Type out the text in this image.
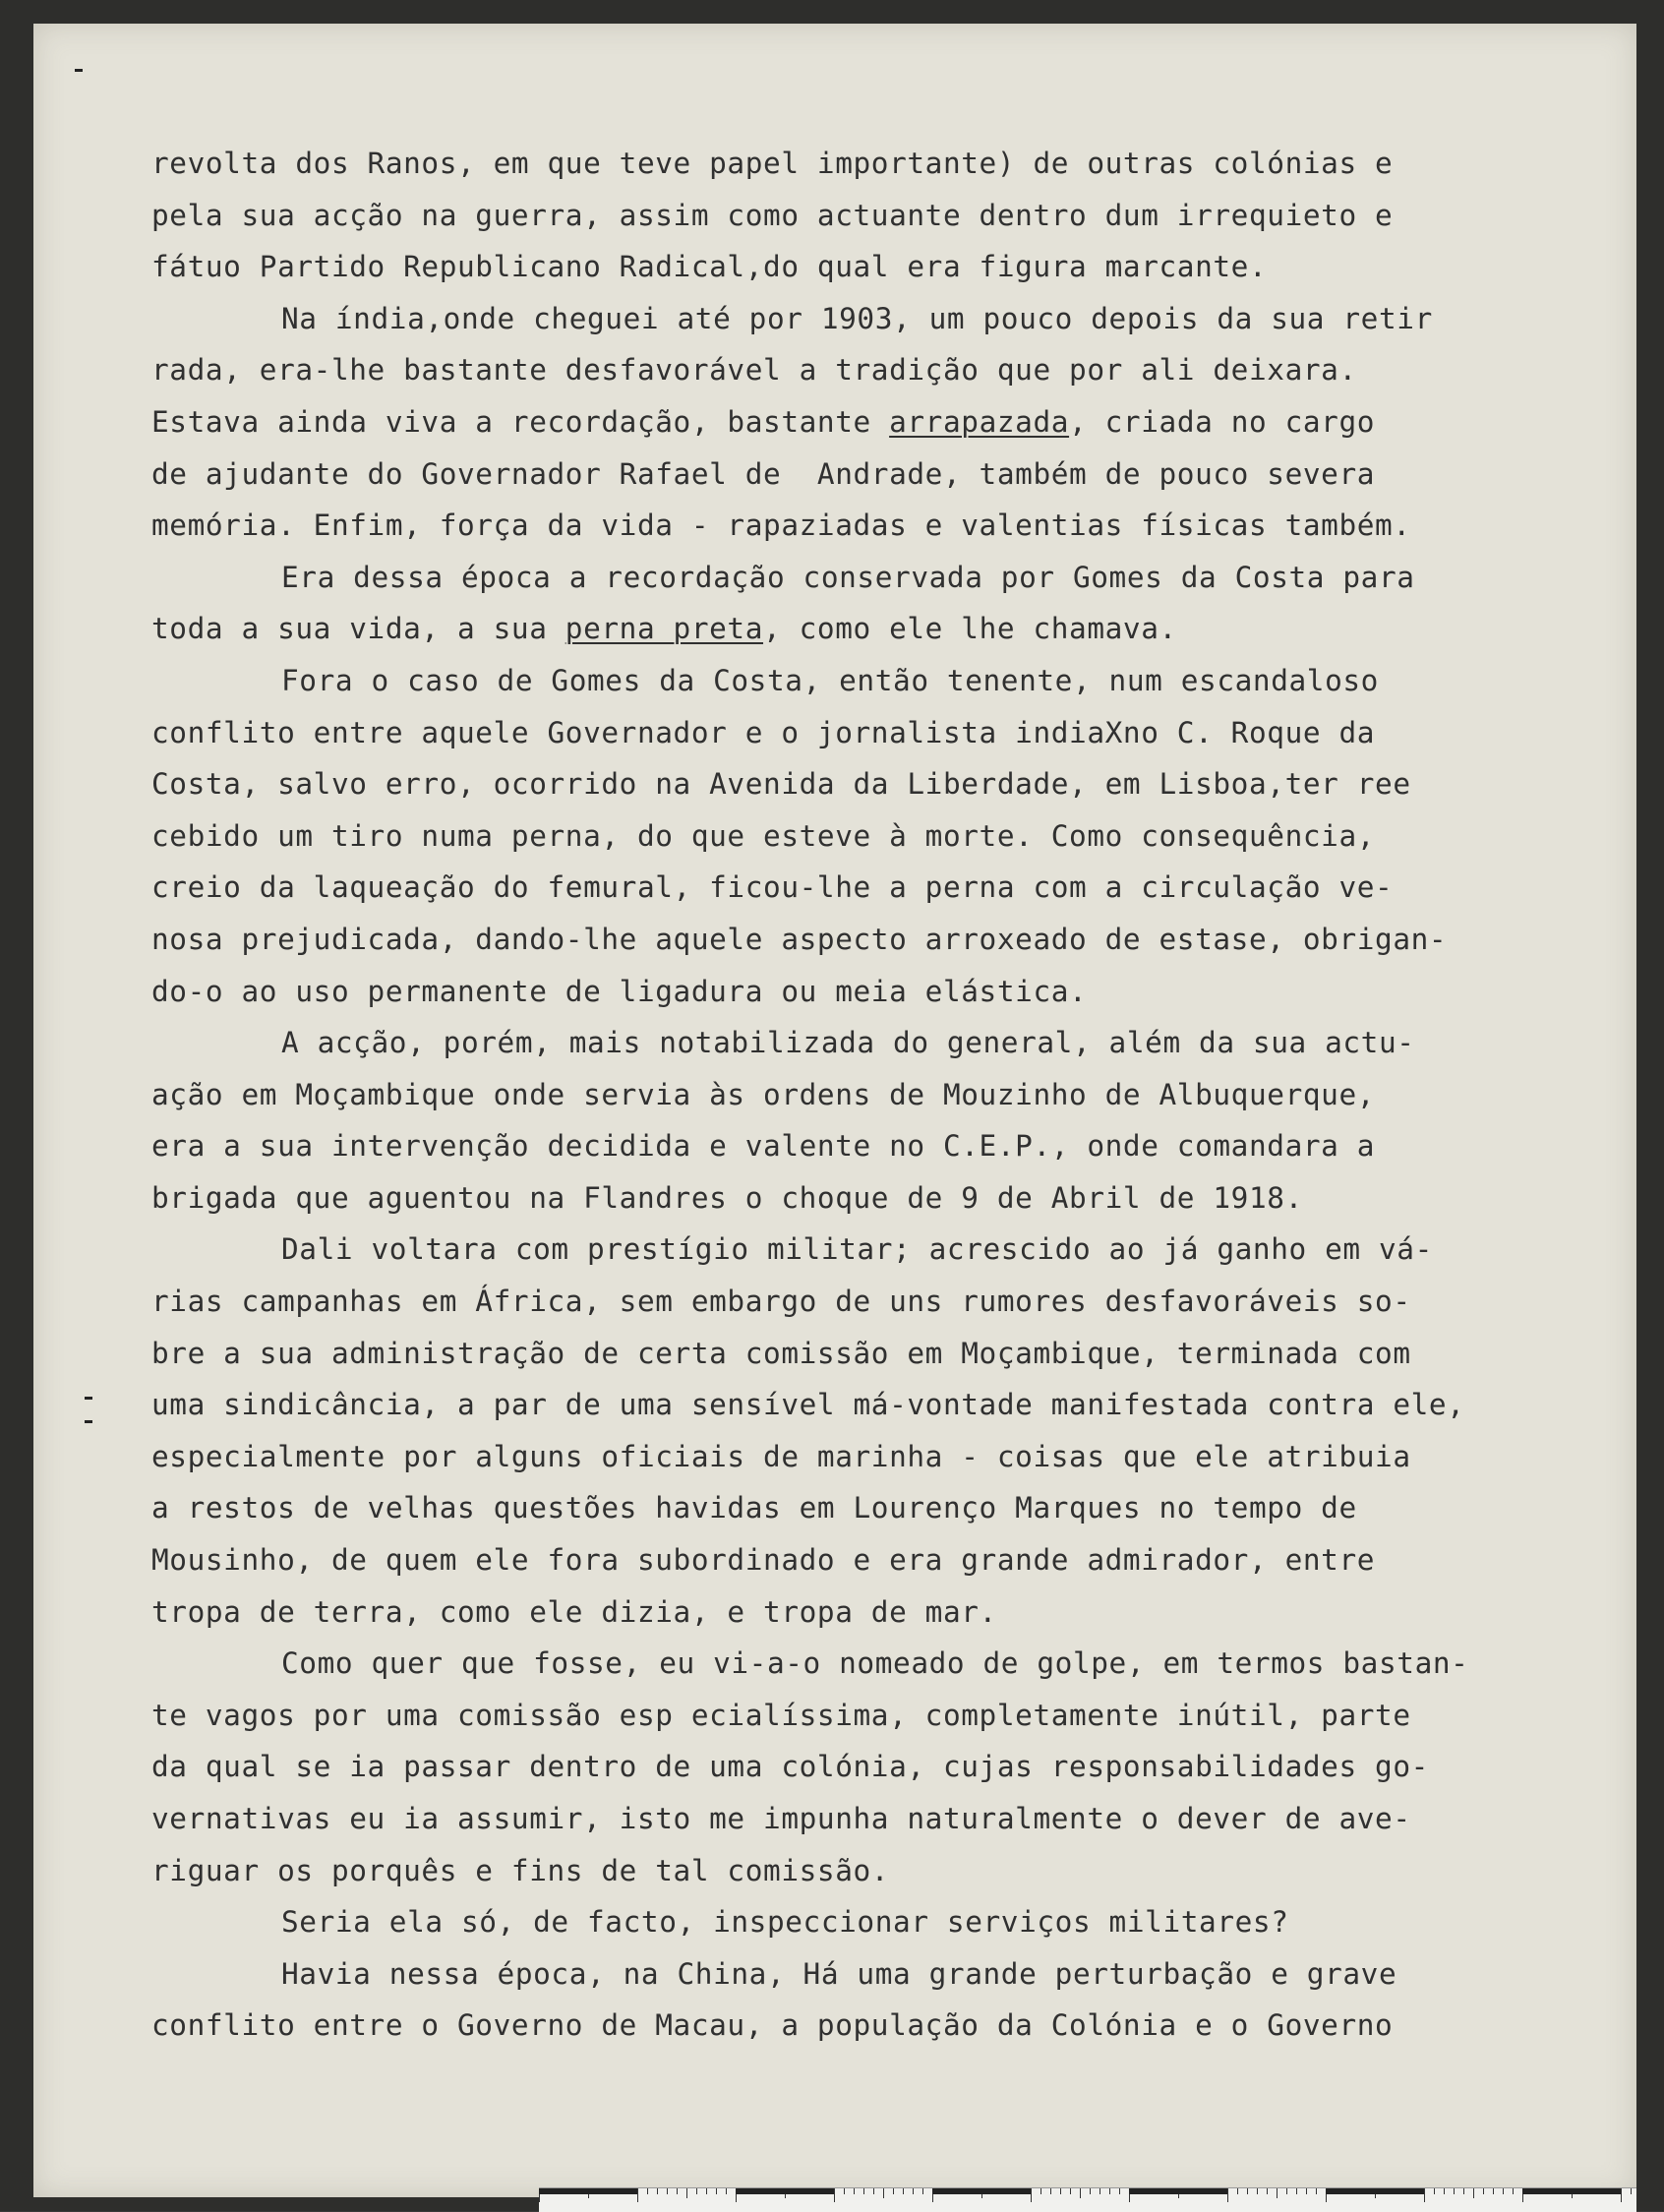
revolta dos Ranos, em que teve papel importante) de outras colónias e
pela sua acção na guerra, assim como actuante dentro dum irrequieto e
fátuo Partido Republicano Radical,do qual era figura marcante.
Na índia,onde cheguei até por 1903, um pouco depois da sua retir
rada, era-lhe bastante desfavorável a tradição que por ali deixara.
Estava ainda viva a recordação, bastante arrapazada, criada no cargo
de ajudante do Governador Rafael de  Andrade, também de pouco severa
memória. Enfim, força da vida - rapaziadas e valentias físicas também.
Era dessa época a recordação conservada por Gomes da Costa para
toda a sua vida, a sua perna preta, como ele lhe chamava.
Fora o caso de Gomes da Costa, então tenente, num escandaloso
conflito entre aquele Governador e o jornalista indiaXno C. Roque da
Costa, salvo erro, ocorrido na Avenida da Liberdade, em Lisboa,ter ree
cebido um tiro numa perna, do que esteve à morte. Como consequência,
creio da laqueação do femural, ficou-lhe a perna com a circulação ve-
nosa prejudicada, dando-lhe aquele aspecto arroxeado de estase, obrigan-
do-o ao uso permanente de ligadura ou meia elástica.
A acção, porém, mais notabilizada do general, além da sua actu-
ação em Moçambique onde servia às ordens de Mouzinho de Albuquerque,
era a sua intervenção decidida e valente no C.E.P., onde comandara a
brigada que aguentou na Flandres o choque de 9 de Abril de 1918.
Dali voltara com prestígio militar; acrescido ao já ganho em vá-
rias campanhas em África, sem embargo de uns rumores desfavoráveis so-
bre a sua administração de certa comissão em Moçambique, terminada com
uma sindicância, a par de uma sensível má-vontade manifestada contra ele,
especialmente por alguns oficiais de marinha - coisas que ele atribuia
a restos de velhas questões havidas em Lourenço Marques no tempo de
Mousinho, de quem ele fora subordinado e era grande admirador, entre
tropa de terra, como ele dizia, e tropa de mar.
Como quer que fosse, eu vi-a-o nomeado de golpe, em termos bastan-
te vagos por uma comissão esp ecialíssima, completamente inútil, parte
da qual se ia passar dentro de uma colónia, cujas responsabilidades go-
vernativas eu ia assumir, isto me impunha naturalmente o dever de ave-
riguar os porquês e fins de tal comissão.
Seria ela só, de facto, inspeccionar serviços militares?
Havia nessa época, na China, Há uma grande perturbação e grave
conflito entre o Governo de Macau, a população da Colónia e o Governo
